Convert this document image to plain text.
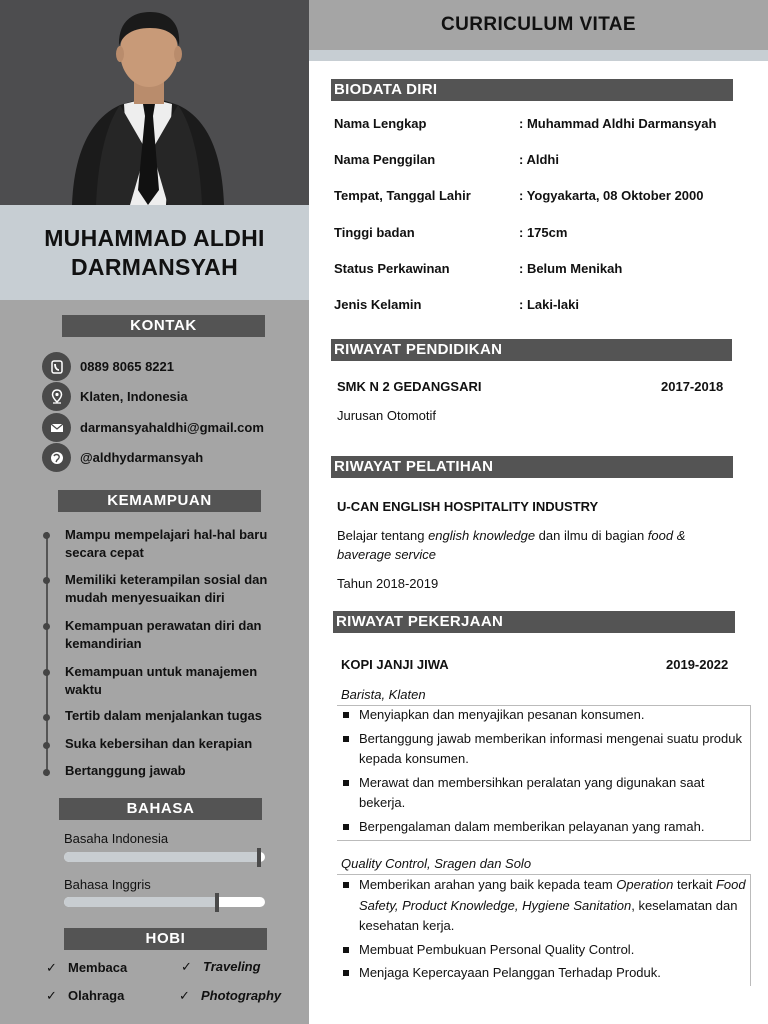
MUHAMMAD ALDHI
DARMANSYAH
KONTAK
0889 8065 8221
Klaten, Indonesia
darmansyahaldhi@gmail.com
@aldhydarmansyah
KEMAMPUAN
Mampu mempelajari hal-hal baru secara cepat
Memiliki keterampilan sosial dan mudah menyesuaikan diri
Kemampuan perawatan diri dan kemandirian
Kemampuan untuk manajemen waktu
Tertib dalam menjalankan tugas
Suka kebersihan dan kerapian
Bertanggung jawab
BAHASA
Basaha Indonesia
Bahasa Inggris
HOBI
✓ Membaca	✓ Traveling
✓ Olahraga	✓ Photography
CURRICULUM VITAE
BIODATA DIRI
Nama Lengkap	: Muhammad Aldhi Darmansyah
Nama Penggilan	: Aldhi
Tempat, Tanggal Lahir	: Yogyakarta, 08 Oktober 2000
Tinggi badan	: 175cm
Status Perkawinan	: Belum Menikah
Jenis Kelamin	: Laki-laki
RIWAYAT PENDIDIKAN
SMK N 2 GEDANGSARI	2017-2018
Jurusan Otomotif
RIWAYAT PELATIHAN
U-CAN ENGLISH HOSPITALITY INDUSTRY
Belajar tentang english knowledge dan ilmu di bagian food &
baverage service
Tahun 2018-2019
RIWAYAT PEKERJAAN
KOPI JANJI JIWA	2019-2022
Barista, Klaten
Menyiapkan dan menyajikan pesanan konsumen.
Bertanggung jawab memberikan informasi mengenai suatu produk kepada konsumen.
Merawat dan membersihkan peralatan yang digunakan saat bekerja.
Berpengalaman dalam memberikan pelayanan yang ramah.
Quality Control, Sragen dan Solo
Memberikan arahan yang baik kepada team Operation terkait Food Safety, Product Knowledge, Hygiene Sanitation, keselamatan dan kesehatan kerja.
Membuat Pembukuan Personal Quality Control.
Menjaga Kepercayaan Pelanggan Terhadap Produk.
